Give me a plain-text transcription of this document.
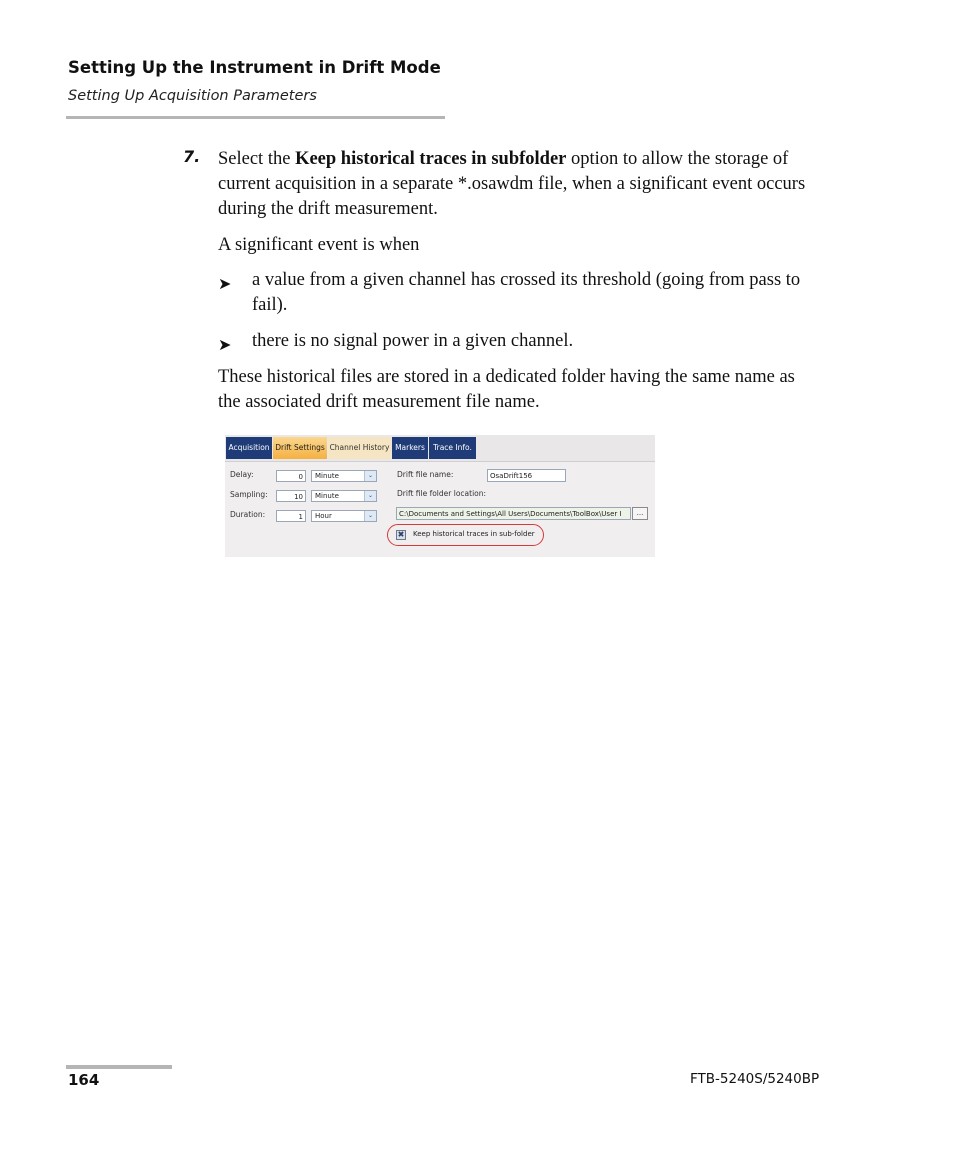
Setting Up the Instrument in Drift Mode
Setting Up Acquisition Parameters
7. Select the Keep historical traces in subfolder option to allow the storage of current acquisition in a separate *.osawdm file, when a significant event occurs during the drift measurement.
A significant event is when
➤ a value from a given channel has crossed its threshold (going from pass to fail).
➤ there is no signal power in a given channel.
These historical files are stored in a dedicated folder having the same name as the associated drift measurement file name.
Acquisition Drift Settings Channel History Markers	Trace Info.
Delay:	0	Minute	⌄
Sampling:	10	Minute	⌄
Duration:	1	Hour	⌄
Drift file name:	OsaDrift156
Drift file folder location:
C:\Documents and Settings\All Users\Documents\ToolBox\User I	...
✖ Keep historical traces in sub-folder
164	FTB-5240S/5240BP
